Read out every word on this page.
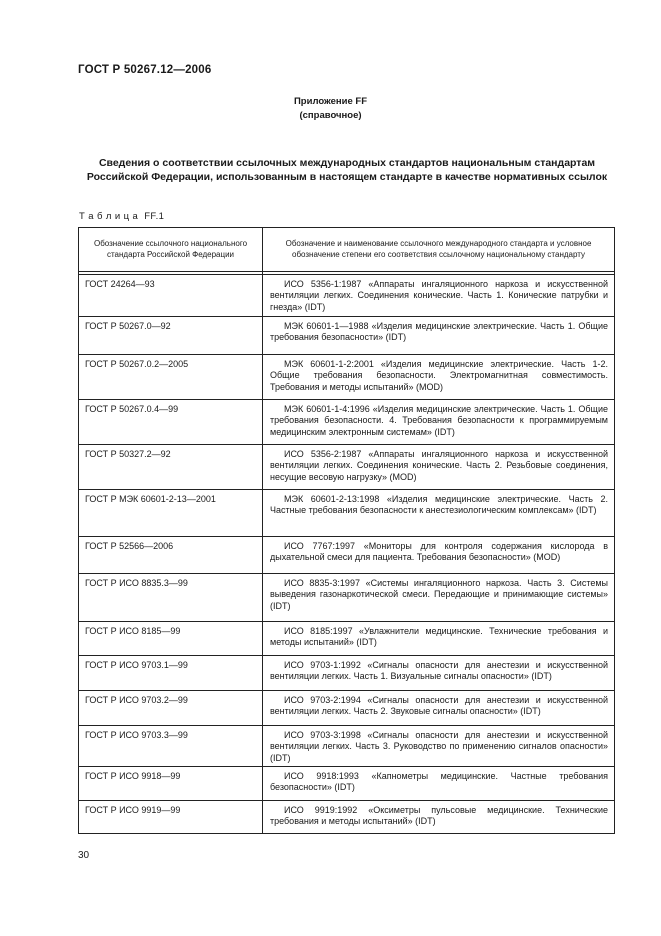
ГОСТ Р 50267.12—2006
Приложение FF
(справочное)
Сведения о соответствии ссылочных международных стандартов национальным стандартам Российской Федерации, использованным в настоящем стандарте в качестве нормативных ссылок
Т а б л и ц а  FF.1
Обозначение ссылочного национального стандарта Российской Федерации	Обозначение и наименование ссылочного международного стандарта и условное обозначение степени его соответствия ссылочному национальному стандарту

ГОСТ 24264—93	ИСО 5356-1:1987 «Аппараты ингаляционного наркоза и искусственной вентиляции легких. Соединения конические. Часть 1. Конические патрубки и гнезда» (IDT)
ГОСТ Р 50267.0—92	МЭК 60601-1—1988 «Изделия медицинские электрические. Часть 1. Общие требования безопасности» (IDT)
ГОСТ Р 50267.0.2—2005	МЭК 60601-1-2:2001 «Изделия медицинские электрические. Часть 1-2. Общие требования безопасности. Электромагнитная совместимость. Требования и методы испытаний» (MOD)
ГОСТ Р 50267.0.4—99	МЭК 60601-1-4:1996 «Изделия медицинские электрические. Часть 1. Общие требования безопасности. 4. Требования безопасности к программируемым медицинским электронным системам» (IDT)
ГОСТ Р 50327.2—92	ИСО 5356-2:1987 «Аппараты ингаляционного наркоза и искусственной вентиляции легких. Соединения конические. Часть 2. Резьбовые соединения, несущие весовую нагрузку» (MOD)
ГОСТ Р МЭК 60601-2-13—2001	МЭК 60601-2-13:1998 «Изделия медицинские электрические. Часть 2. Частные требования безопасности к анестезиологическим комплексам» (IDT)
ГОСТ Р 52566—2006	ИСО 7767:1997 «Мониторы для контроля содержания кислорода в дыхательной смеси для пациента. Требования безопасности» (MOD)
ГОСТ Р ИСО 8835.3—99	ИСО 8835-3:1997 «Системы ингаляционного наркоза. Часть 3. Системы выведения газонаркотической смеси. Передающие и принимающие системы» (IDT)
ГОСТ Р ИСО 8185—99	ИСО 8185:1997 «Увлажнители медицинские. Технические требования и методы испытаний» (IDT)
ГОСТ Р ИСО 9703.1—99	ИСО 9703-1:1992 «Сигналы опасности для анестезии и искусственной вентиляции легких. Часть 1. Визуальные сигналы опасности» (IDT)
ГОСТ Р ИСО 9703.2—99	ИСО 9703-2:1994 «Сигналы опасности для анестезии и искусственной вентиляции легких. Часть 2. Звуковые сигналы опасности» (IDT)
ГОСТ Р ИСО 9703.3—99	ИСО 9703-3:1998 «Сигналы опасности для анестезии и искусственной вентиляции легких. Часть 3. Руководство по применению сигналов опасности» (IDT)
ГОСТ Р ИСО 9918—99	ИСО 9918:1993 «Капнометры медицинские. Частные требования безопасности» (IDT)
ГОСТ Р ИСО 9919—99	ИСО 9919:1992 «Оксиметры пульсовые медицинские. Технические требования и методы испытаний» (IDT)
30
